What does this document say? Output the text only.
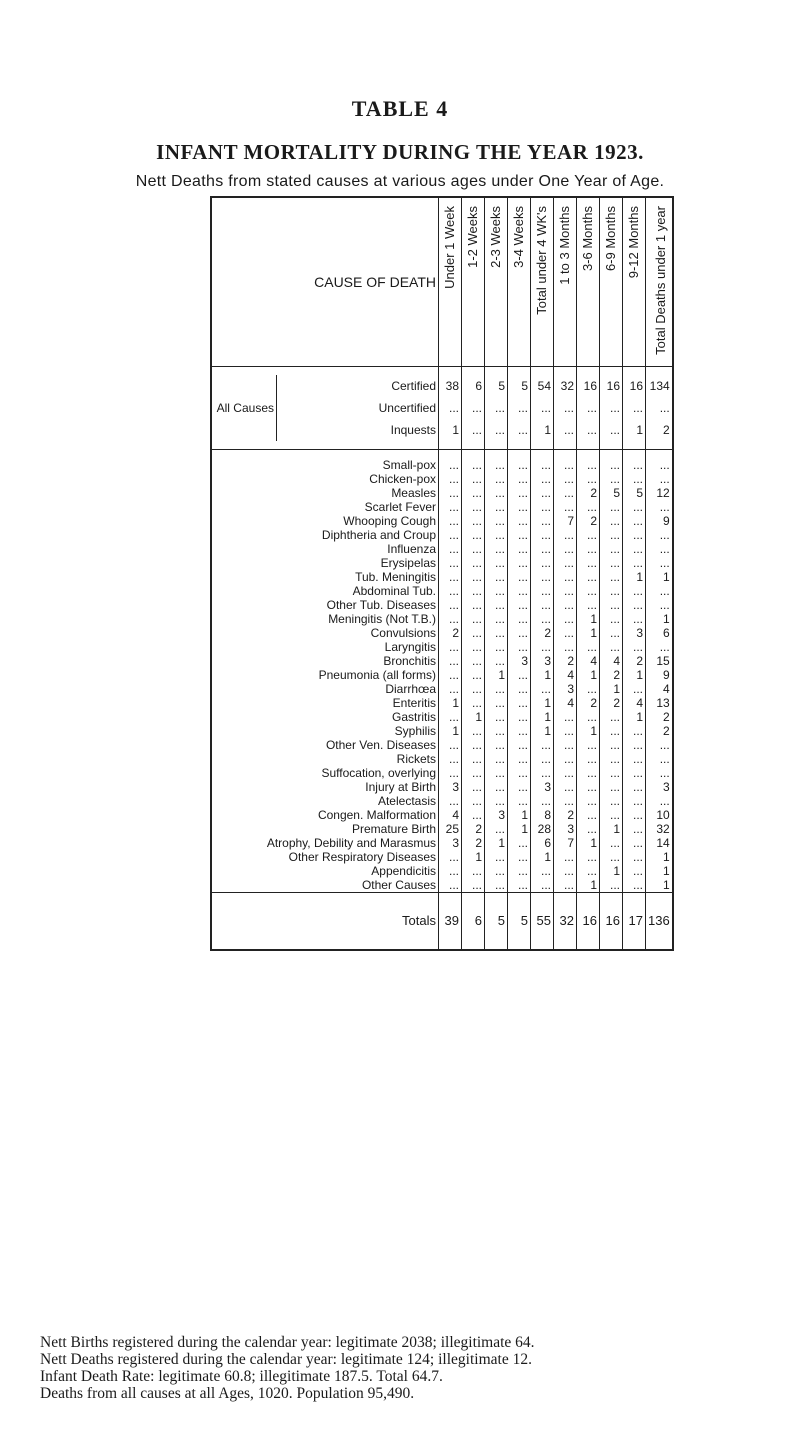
TABLE 4
INFANT MORTALITY DURING THE YEAR 1923.
Nett Deaths from stated causes at various ages under One Year of Age.
CAUSE OF DEATH		Under 1 Week	1-2 Weeks	2-3 Weeks	3-4 Weeks	Total under 4 WK's	1 to 3 Months	3-6 Months	6-9 Months	9-12 Months	Total Deaths under 1 year

	Certified	38	6	5	5	54	32	16	16	16	134
All Causes	Uncertified	...	...	...	...	...	...	...	...	...	...
	Inquests	1	...	...	...	1	...	...	...	1	2

Small-pox		...	...	...	...	...	...	...	...	...	...
Chicken-pox		...	...	...	...	...	...	...	...	...	...
Measles		...	...	...	...	...	...	2	5	5	12
Scarlet Fever		...	...	...	...	...	...	...	...	...	...
Whooping Cough		...	...	...	...	...	7	2	...	...	9
Diphtheria and Croup		...	...	...	...	...	...	...	...	...	...
Influenza		...	...	...	...	...	...	...	...	...	...
Erysipelas		...	...	...	...	...	...	...	...	...	...
Tub. Meningitis		...	...	...	...	...	...	...	...	1	1
Abdominal Tub.		...	...	...	...	...	...	...	...	...	...
Other Tub. Diseases		...	...	...	...	...	...	...	...	...	...
Meningitis (Not T.B.)		...	...	...	...	...	...	1	...	...	1
Convulsions		2	...	...	...	2	...	1	...	3	6
Laryngitis		...	...	...	...	...	...	...	...	...	...
Bronchitis		...	...	...	3	3	2	4	4	2	15
Pneumonia (all forms)		...	...	1	...	1	4	1	2	1	9
Diarrhœa		...	...	...	...	...	3	...	1	...	4
Enteritis		1	...	...	...	1	4	2	2	4	13
Gastritis		...	1	...	...	1	...	...	...	1	2
Syphilis		1	...	...	...	1	...	1	...	...	2
Other Ven. Diseases		...	...	...	...	...	...	...	...	...	...
Rickets		...	...	...	...	...	...	...	...	...	...
Suffocation, overlying		...	...	...	...	...	...	...	...	...	...
Injury at Birth		3	...	...	...	3	...	...	...	...	3
Atelectasis		...	...	...	...	...	...	...	...	...	...
Congen. Malformation		4	...	3	1	8	2	...	...	...	10
Premature Birth		25	2	...	1	28	3	...	1	...	32
Atrophy, Debility and Marasmus		3	2	1	...	6	7	1	...	...	14
Other Respiratory Diseases		...	1	...	...	1	...	...	...	...	1
Appendicitis		...	...	...	...	...	...	...	1	...	1
Other Causes		...	...	...	...	...	...	1	...	...	1
Totals		39	6	5	5	55	32	16	16	17	136
Nett Births registered during the calendar year: legitimate 2038; illegitimate 64.
Nett Deaths registered during the calendar year: legitimate 124; illegitimate 12.
Infant Death Rate: legitimate 60.8; illegitimate 187.5. Total 64.7.
Deaths from all causes at all Ages, 1020. Population 95,490.
